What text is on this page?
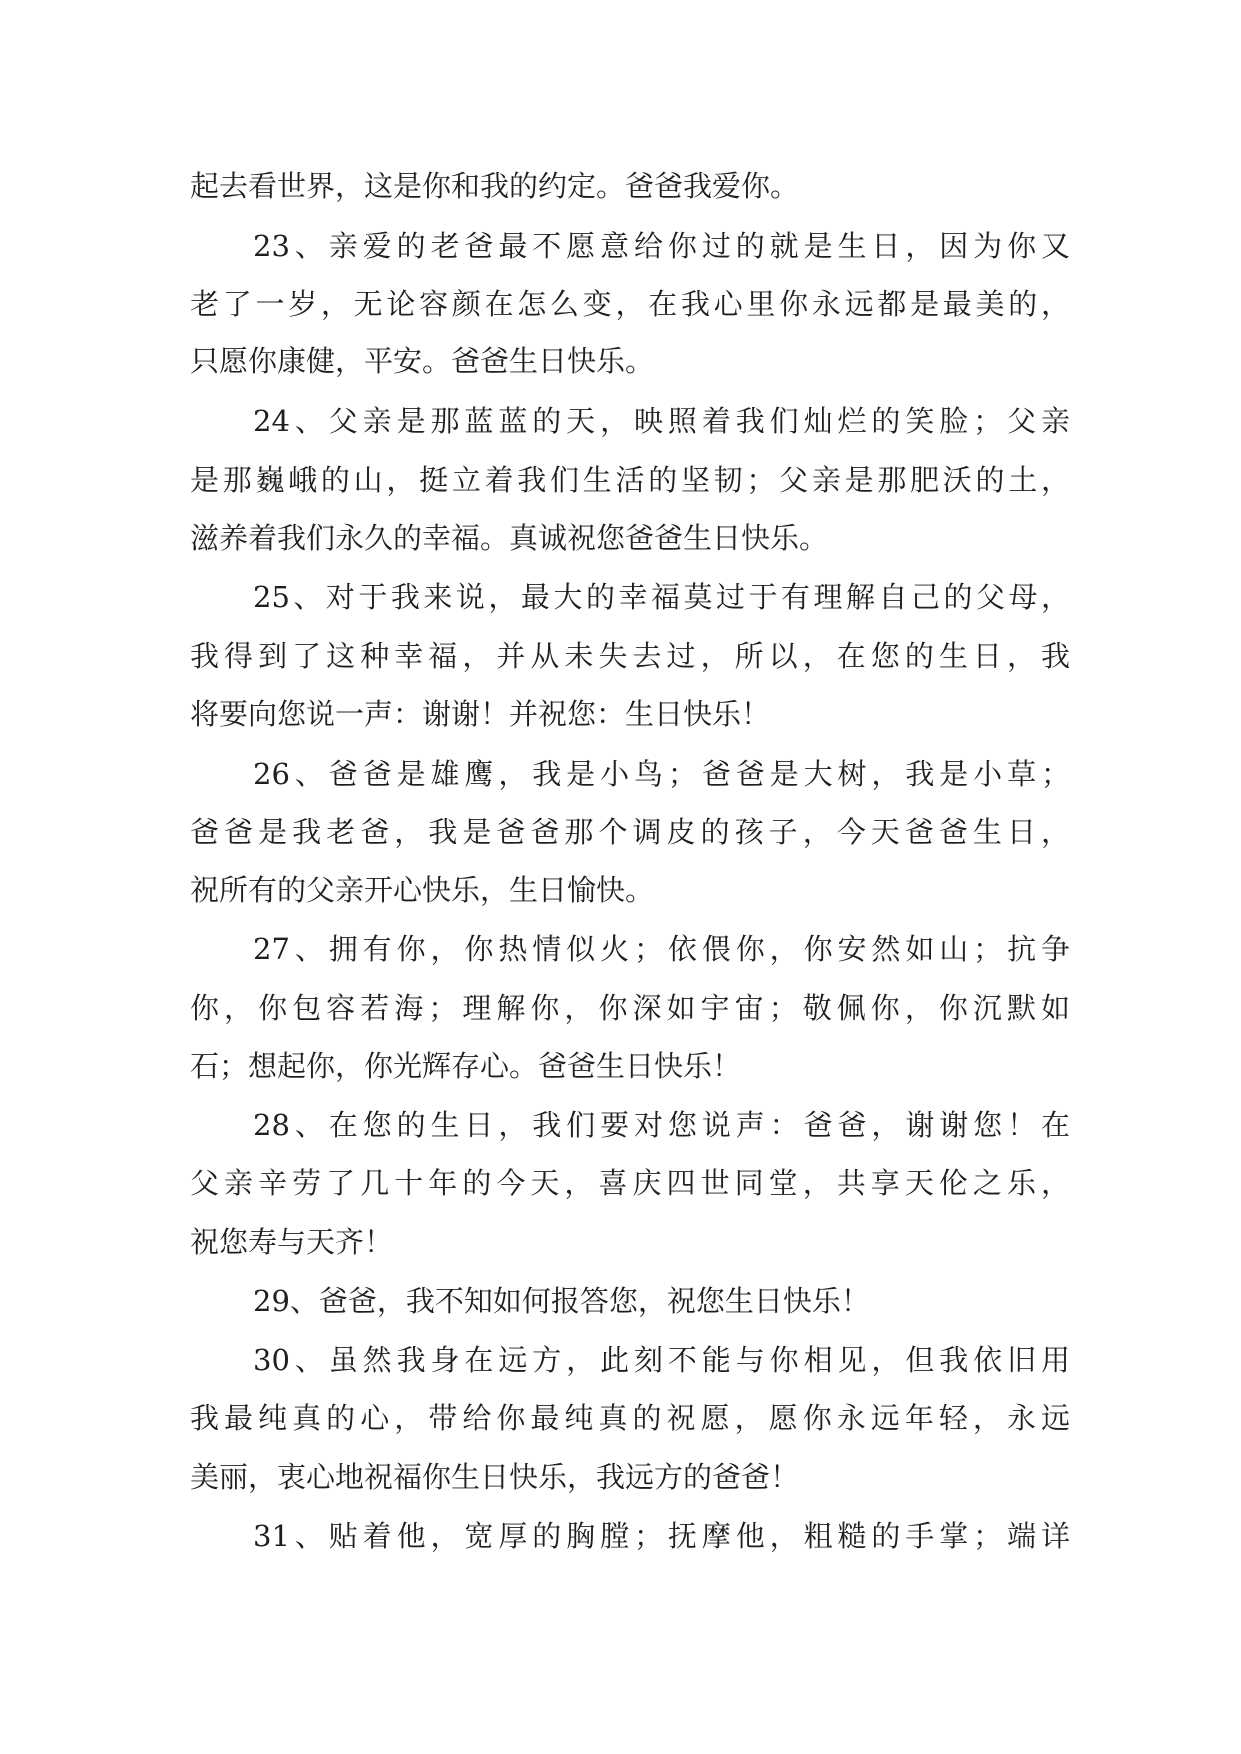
起去看世界，这是你和我的约定。爸爸我爱你。
23、亲爱的老爸最不愿意给你过的就是生日，因为你又
老了一岁，无论容颜在怎么变，在我心里你永远都是最美的，
只愿你康健，平安。爸爸生日快乐。
24、父亲是那蓝蓝的天，映照着我们灿烂的笑脸；父亲
是那巍峨的山，挺立着我们生活的坚韧；父亲是那肥沃的土，
滋养着我们永久的幸福。真诚祝您爸爸生日快乐。
25、对于我来说，最大的幸福莫过于有理解自己的父母，
我得到了这种幸福，并从未失去过，所以，在您的生日，我
将要向您说一声：谢谢！并祝您：生日快乐！
26、爸爸是雄鹰，我是小鸟；爸爸是大树，我是小草；
爸爸是我老爸，我是爸爸那个调皮的孩子，今天爸爸生日，
祝所有的父亲开心快乐，生日愉快。
27、拥有你，你热情似火；依偎你，你安然如山；抗争
你，你包容若海；理解你，你深如宇宙；敬佩你，你沉默如
石；想起你，你光辉存心。爸爸生日快乐！
28、在您的生日，我们要对您说声：爸爸，谢谢您！在
父亲辛劳了几十年的今天，喜庆四世同堂，共享天伦之乐，
祝您寿与天齐！
29、爸爸，我不知如何报答您，祝您生日快乐！
30、虽然我身在远方，此刻不能与你相见，但我依旧用
我最纯真的心，带给你最纯真的祝愿，愿你永远年轻，永远
美丽，衷心地祝福你生日快乐，我远方的爸爸！
31、贴着他，宽厚的胸膛；抚摩他，粗糙的手掌；端详
